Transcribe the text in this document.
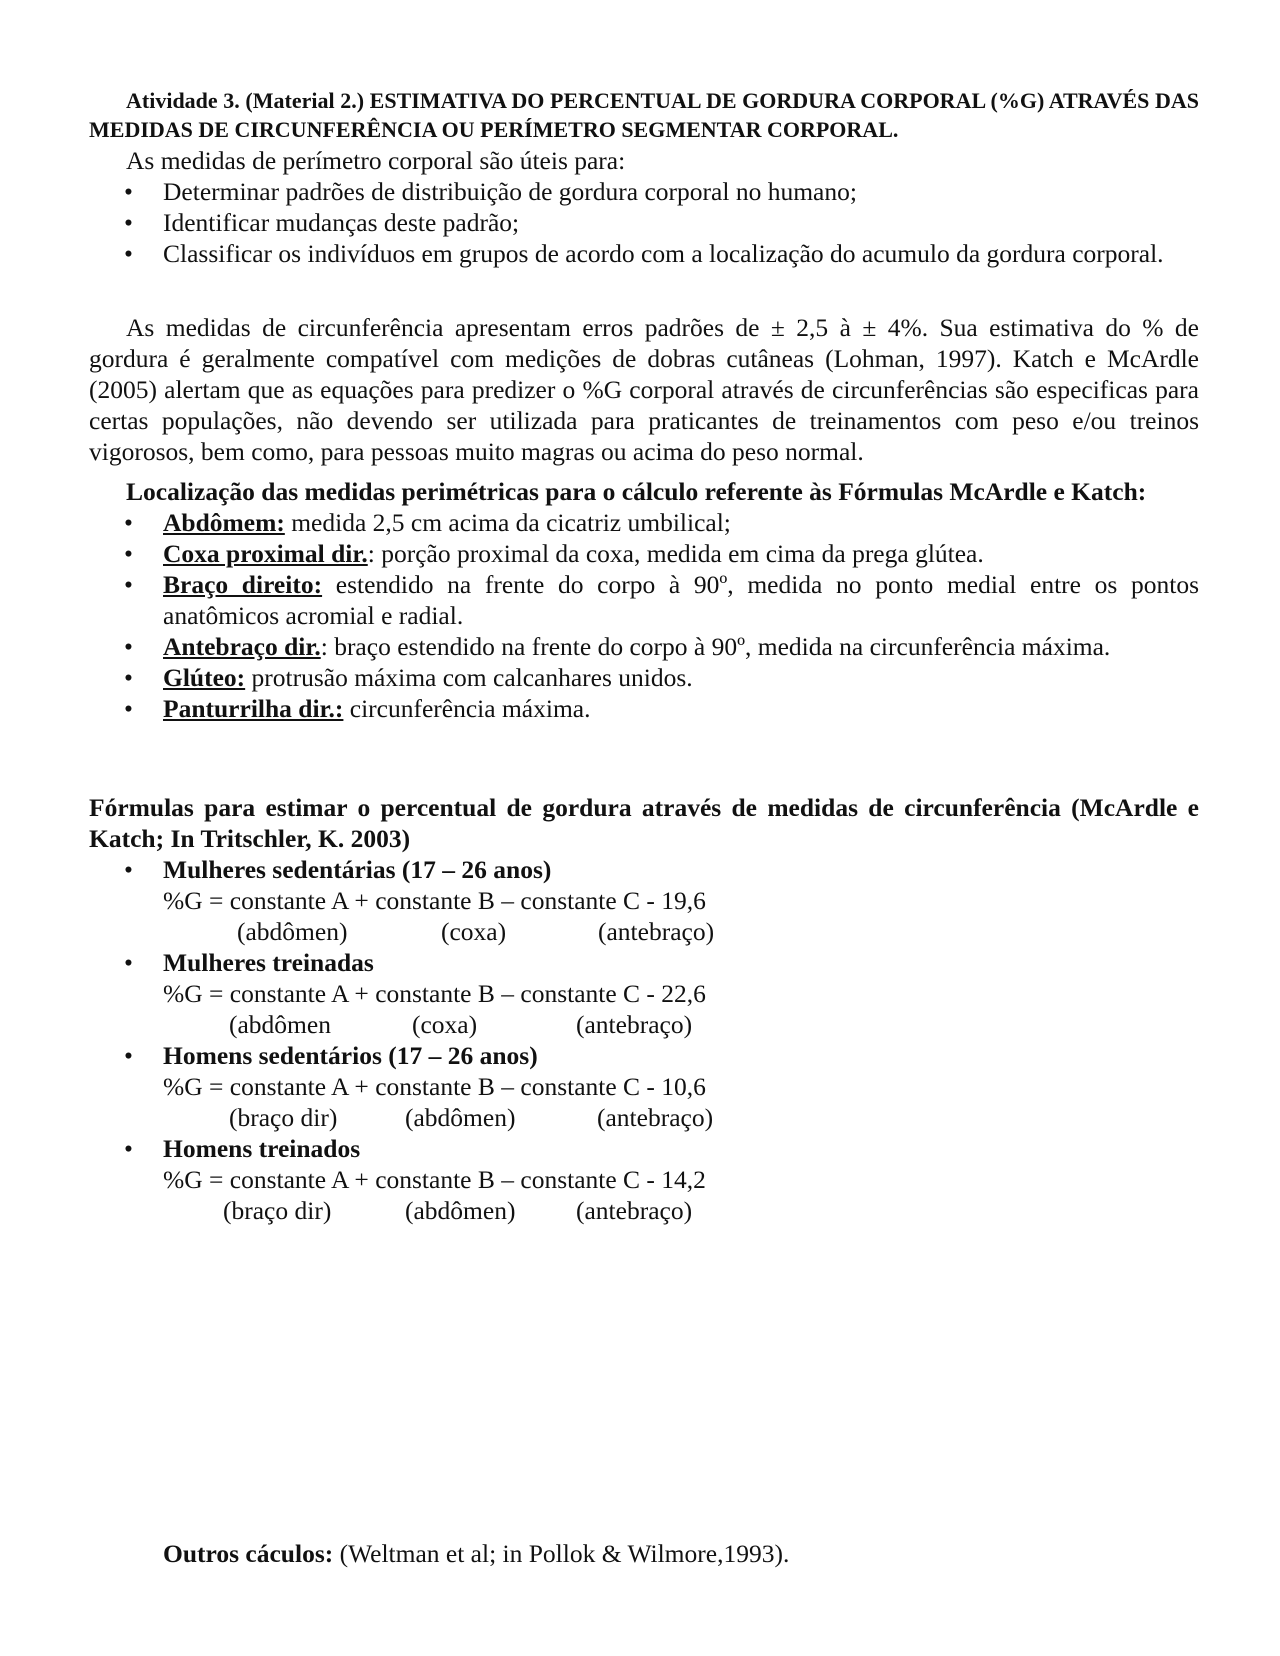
Atividade 3. (Material 2.) ESTIMATIVA DO PERCENTUAL DE GORDURA CORPORAL (%G) ATRAVÉS DAS MEDIDAS DE CIRCUNFERÊNCIA OU PERÍMETRO SEGMENTAR CORPORAL.
As medidas de perímetro corporal são úteis para:
• Determinar padrões de distribuição de gordura corporal no humano;
• Identificar mudanças deste padrão;
• Classificar os indivíduos em grupos de acordo com a localização do acumulo da gordura corporal.
As medidas de circunferência apresentam erros padrões de ± 2,5 à ± 4%. Sua estimativa do % de gordura é geralmente compatível com medições de dobras cutâneas (Lohman, 1997). Katch e McArdle (2005) alertam que as equações para predizer o %G corporal através de circunferências são especificas para certas populações, não devendo ser utilizada para praticantes de treinamentos com peso e/ou treinos vigorosos, bem como, para pessoas muito magras ou acima do peso normal.
Localização das medidas perimétricas para o cálculo referente às Fórmulas McArdle e Katch:
• Abdômem: medida 2,5 cm acima da cicatriz umbilical;
• Coxa proximal dir.: porção proximal da coxa, medida em cima da prega glútea.
• Braço direito: estendido na frente do corpo à 90º, medida no ponto medial entre os pontos anatômicos acromial e radial.
• Antebraço dir.: braço estendido na frente do corpo à 90º, medida na circunferência máxima.
• Glúteo: protrusão máxima com calcanhares unidos.
• Panturrilha dir.: circunferência máxima.
Fórmulas para estimar o percentual de gordura através de medidas de circunferência (McArdle e Katch; In Tritschler, K. 2003)
• Mulheres sedentárias (17 – 26 anos)
%G = constante A + constante B – constante C - 19,6
(abdômen)	(coxa)	(antebraço)
• Mulheres treinadas
%G = constante A + constante B – constante C - 22,6
(abdômen	(coxa)	(antebraço)
• Homens sedentários (17 – 26 anos)
%G = constante A + constante B – constante C - 10,6
(braço dir)	(abdômen)	(antebraço)
• Homens treinados
%G = constante A + constante B – constante C - 14,2
(braço dir)	(abdômen) (antebraço)
Outros cáculos: (Weltman et al; in Pollok & Wilmore,1993).
